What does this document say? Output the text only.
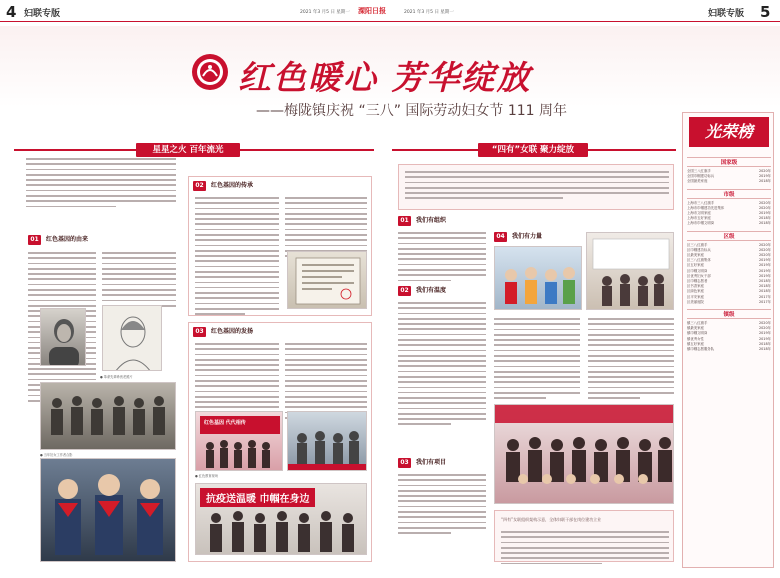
4 妇联专版	2021 年3 月5 日 星期一 溧阳日报	2021 年3 月5 日 星期一	妇联专版 5
红色暖心 芳华绽放
——梅陇镇庆祝 “三八” 国际劳动妇女节 111 周年
星星之火 百年流光
01	红色基因的由来
● 革命先辈珍贵老照片
● 当年妇女工作者合影
02	红色基因的传承
03	红色基因的发扬
红色基因 代代相传
● 红色教育现场
抗疫送温暖 巾帼在身边
“四有”女联 聚力绽放
01	我们有组织
02	我们有温度
03	我们有项目
04	我们有力量
“四有”女联组织架构示意，全体妇联干部在岗位建功立业
光荣榜
国家级
全国三八红旗手	2020年
全国巾帼建功标兵	2019年
全国最美家庭	2018年
市级
上海市三八红旗手	2020年
上海市巾帼建功先进集体	2020年
上海市文明家庭	2019年
上海市五好家庭	2018年
上海市巾帼文明岗	2018年
区级
区三八红旗手	2020年
区巾帼建功标兵	2020年
区最美家庭	2020年
区三八红旗集体	2019年
区五好家庭	2019年
区巾帼文明岗	2019年
区优秀妇女干部	2019年
区巾帼志愿者	2018年
区书香家庭	2018年
区绿色家庭	2018年
区平安家庭	2017年
区美丽庭院	2017年
镇级
镇三八红旗手	2020年
镇最美家庭	2020年
镇巾帼文明岗	2019年
镇优秀女性	2019年
镇五好家庭	2018年
镇巾帼志愿服务队	2018年
